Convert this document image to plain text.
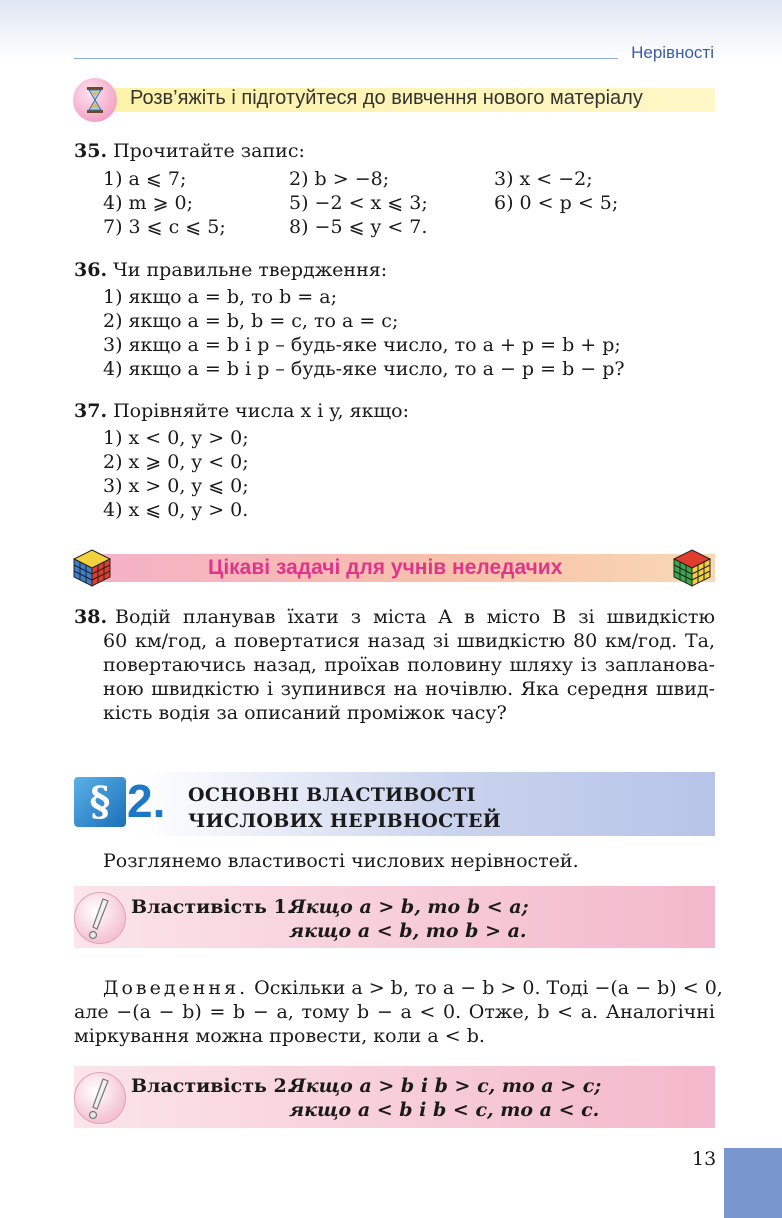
Нерівності
Розв’яжіть і підготуйтеся до вивчення нового матеріалу
35. Прочитайте запис:
1) a ⩽ 7;	2) b > −8;	3) x < −2;
4) m ⩾ 0;	5) −2 < x ⩽ 3;	6) 0 < p < 5;
7) 3 ⩽ c ⩽ 5;	8) −5 ⩽ y < 7.
36. Чи правильне твердження:
1) якщо a = b, то b = a;
2) якщо a = b, b = c, то a = c;
3) якщо a = b і p – будь-яке число, то a + p = b + p;
4) якщо a = b і p – будь-яке число, то a − p = b − p?
37. Порівняйте числа x і y, якщо:
1) x < 0, y > 0;
2) x ⩾ 0, y < 0;
3) x > 0, y ⩽ 0;
4) x ⩽ 0, y > 0.
Цікаві задачі для учнів неледачих
38. Водій планував їхати з міста A в місто B зі швидкістю
60 км/год, а повертатися назад зі швидкістю 80 км/год. Та,
повертаючись назад, проїхав половину шляху із запланова-
ною швидкістю і зупинився на ночівлю. Яка середня швид-
кість водія за описаний проміжок часу?
§ 2. ОСНОВНІ ВЛАСТИВОСТІ
ЧИСЛОВИХ НЕРІВНОСТЕЙ
Розглянемо властивості числових нерівностей.
Властивість 1.
Якщо a > b, то b < a;
якщо a < b, то b > a.
Доведення. Оскільки a > b, то a − b > 0. Тоді −(a − b) < 0,
але −(a − b) = b − a, тому b − a < 0. Отже, b < a. Аналогічні
міркування можна провести, коли a < b.
Властивість 2.
Якщо a > b і b > c, то a > c;
якщо a < b і b < c, то a < c.
13
